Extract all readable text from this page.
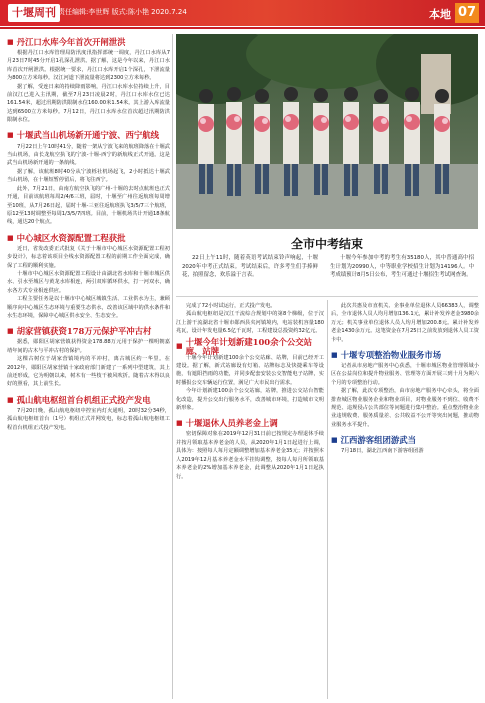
十堰周刊 责任编辑:李世辉 版式:陈小艳 2020.7.24	本地 07
■ 丹江口水库今年首次开闸泄洪

根据丹江口水库管理局防汛度汛指挥部统一调度，丹江口水库从7月23日7时45分开启1孔深孔泄洪。据了解，这是今年以来，丹江口水库首次开闸泄洪。根据统一要求，丹江口水库开启1个深孔，下泄流量为800立方米每秒。汉江河道下泄流量将达到2300立方米每秒。

据了解，受连日来的持续降雨影响，丹江口水库水位持续上升，目前汉江已进入主汛期，截至7月23日凌晨2时，丹江口水库水位已达161.54米，超过汛期防洪限制水位160.00米1.54米。其上游入库流量达到6500立方米每秒。7月12日，丹江口水库水位首次超过汛期防洪限制水位。

■ 十堰武当山机场新开通宁波、西宁航线

7月22日上午10时41分，随着一架从宁波飞来的航班降落在十堰武当山机场，由长龙航空执飞的宁波-十堰-西宁的新航线正式开通。这是武当山机场新开通的一条航线。

据了解，该航班8时40分从宁波栎社机场起飞，2小时抵达十堰武当山机场，在十堰短暂停留后，将飞往西宁。

此外，7月21日，由南方航空执飞的广州-十堰的去时点航班也正式开通，目前该航班每周2/4/6三班，届时，十堰至广州往返航班每周增至10班，从7月26日起，届时十堰-三亚往返航班执飞3/5/7三个航班，原12至13时调整至每周1/3/5/7四班。目前，十堰机场共计开通18条航线，通达20个航点。

■ 中心城区水资源配置工程获批

近日，省发改委正式批复《关于十堰市中心城区水资源配置工程初步设计》，标志着该项目全线水资源配置工程的前期工作全面完成，确保了工程的顺利实施。

十堰市中心城区水资源配置工程设计由湖北省水库和十堰市城区供水、引水至城区与黄龙水库相连，两引双库循环供水，打一河双水，确水各方式专业相连供应。

工程主要任务是以十堰市中心城区城镇生活、工业供水为主，兼顾顺序向中心城区生态环境与重要生态供水，改善该区域中的供水条件和水生态环境，保障中心城区供水安全、生态安全。

■ 胡家营镇获资178万元保护平冲古村

据悉，郧阳区胡家营镇获得资金178.88万元用于保护一棵明朝嘉靖年间的古木与平冲古村的保护。

这棵古树位于胡家营镇境内的平冲村，离古城区约一华里。在2012年，郧阳区胡家营镇十家政府部门新建了一系列中型建筑，其上前还形成，它为明朝以来，树木有一些枝干被风吹折。随着古木得以良好的照看，其上前生长。

■ 孤山航电枢纽首台机组正式投产发电

7月20日晚，孤山航电枢纽中控室内灯火通明，20时32分34秒，孤山航电枢纽首台（1号）机组正式并网发电，标志着孤山航电枢纽工程首台机组正式投产发电。

全市中考结束

22日上午11时，随着英语考试结束铃声响起，十堰2020年中考正式结束。考试结束后，许多考生们手捧鲜花，拍照留念，欢乐溢于言表。

十堰今年参加中考的考生有35180人，其中普通高中招生计划为20990人，中等职业学校招生计划为14196人。中考成绩预计8月5日公布，考生可通过十堰招生考试网查询。

完成了72小时试运行，正式投产发电。

孤山航电枢纽是汉江干流综合规划中的第8个梯级，位于汉江上游干流湖北省十堰市郧西县夹河镇境内，电站装机容量180兆瓦，设计年发电量6.5亿千瓦时，工程建设总投资约32亿元。

■ 十堰今年计划新建100余个公交站廊、站牌

十堰今年计划新建100余个公交站廊、站牌，目前已经开工建设。据了解，新式站廊设有灯箱、站牌标志及快捷乘车等设施，有遮阳挡雨的功能，并同步配套安装公交智能电子站牌，实时播报公交车辆运行位置，满足广大市民出行需求。

今年计划新建100余个公交站廊，站牌，推进公交站台智能化改造，提升公交出行服务水平，改善城市环境，打造城市文明新形象。

■ 十堰退休人员养老金上调

密切保障对象在2019年12月31日前已按规定办理退休手续并按月领取基本养老金的人员，从2020年1月1日起进行上调，具体为：按照每人每月定额调整增加基本养老金35元；并按照本人2019年12月基本养老金水平挂钩调整，按每人每月所领取基本养老金的2%增加基本养老金，此调整从2020年1月1日起执行。

此次共惠及市直机关、企事业单位退休人员66383人，调整后，全市退休人员人均月增加136.1元，累计补发养老金3980余万元；机关事业单位退休人员人均月增加200.8元。累计补发养老金1430余万元。这笔资金在7月25日之前发放到退休人员工资卡中。

■ 十堰专项整治物业服务市场

记者从市房地产服务中心获悉，十堰市城区物业管理领域小区在公益岗位和提升物业服务、管理等方面开展三到十月为期六个月的专项整治行动。

据了解，此次专项整治，由市房地产服务中心牵头，将全面排查城区物业服务企业和物业项目，对物业服务不到位、收费不规范、违规侵占公共部位等问题进行集中整治。重点整治物业企业违规收费、服务质量差、公共收益不公开等突出问题，推动物业服务水平提升。

■ 江西游客组团游武当

7月18日，湖北江西南下游客组团游
